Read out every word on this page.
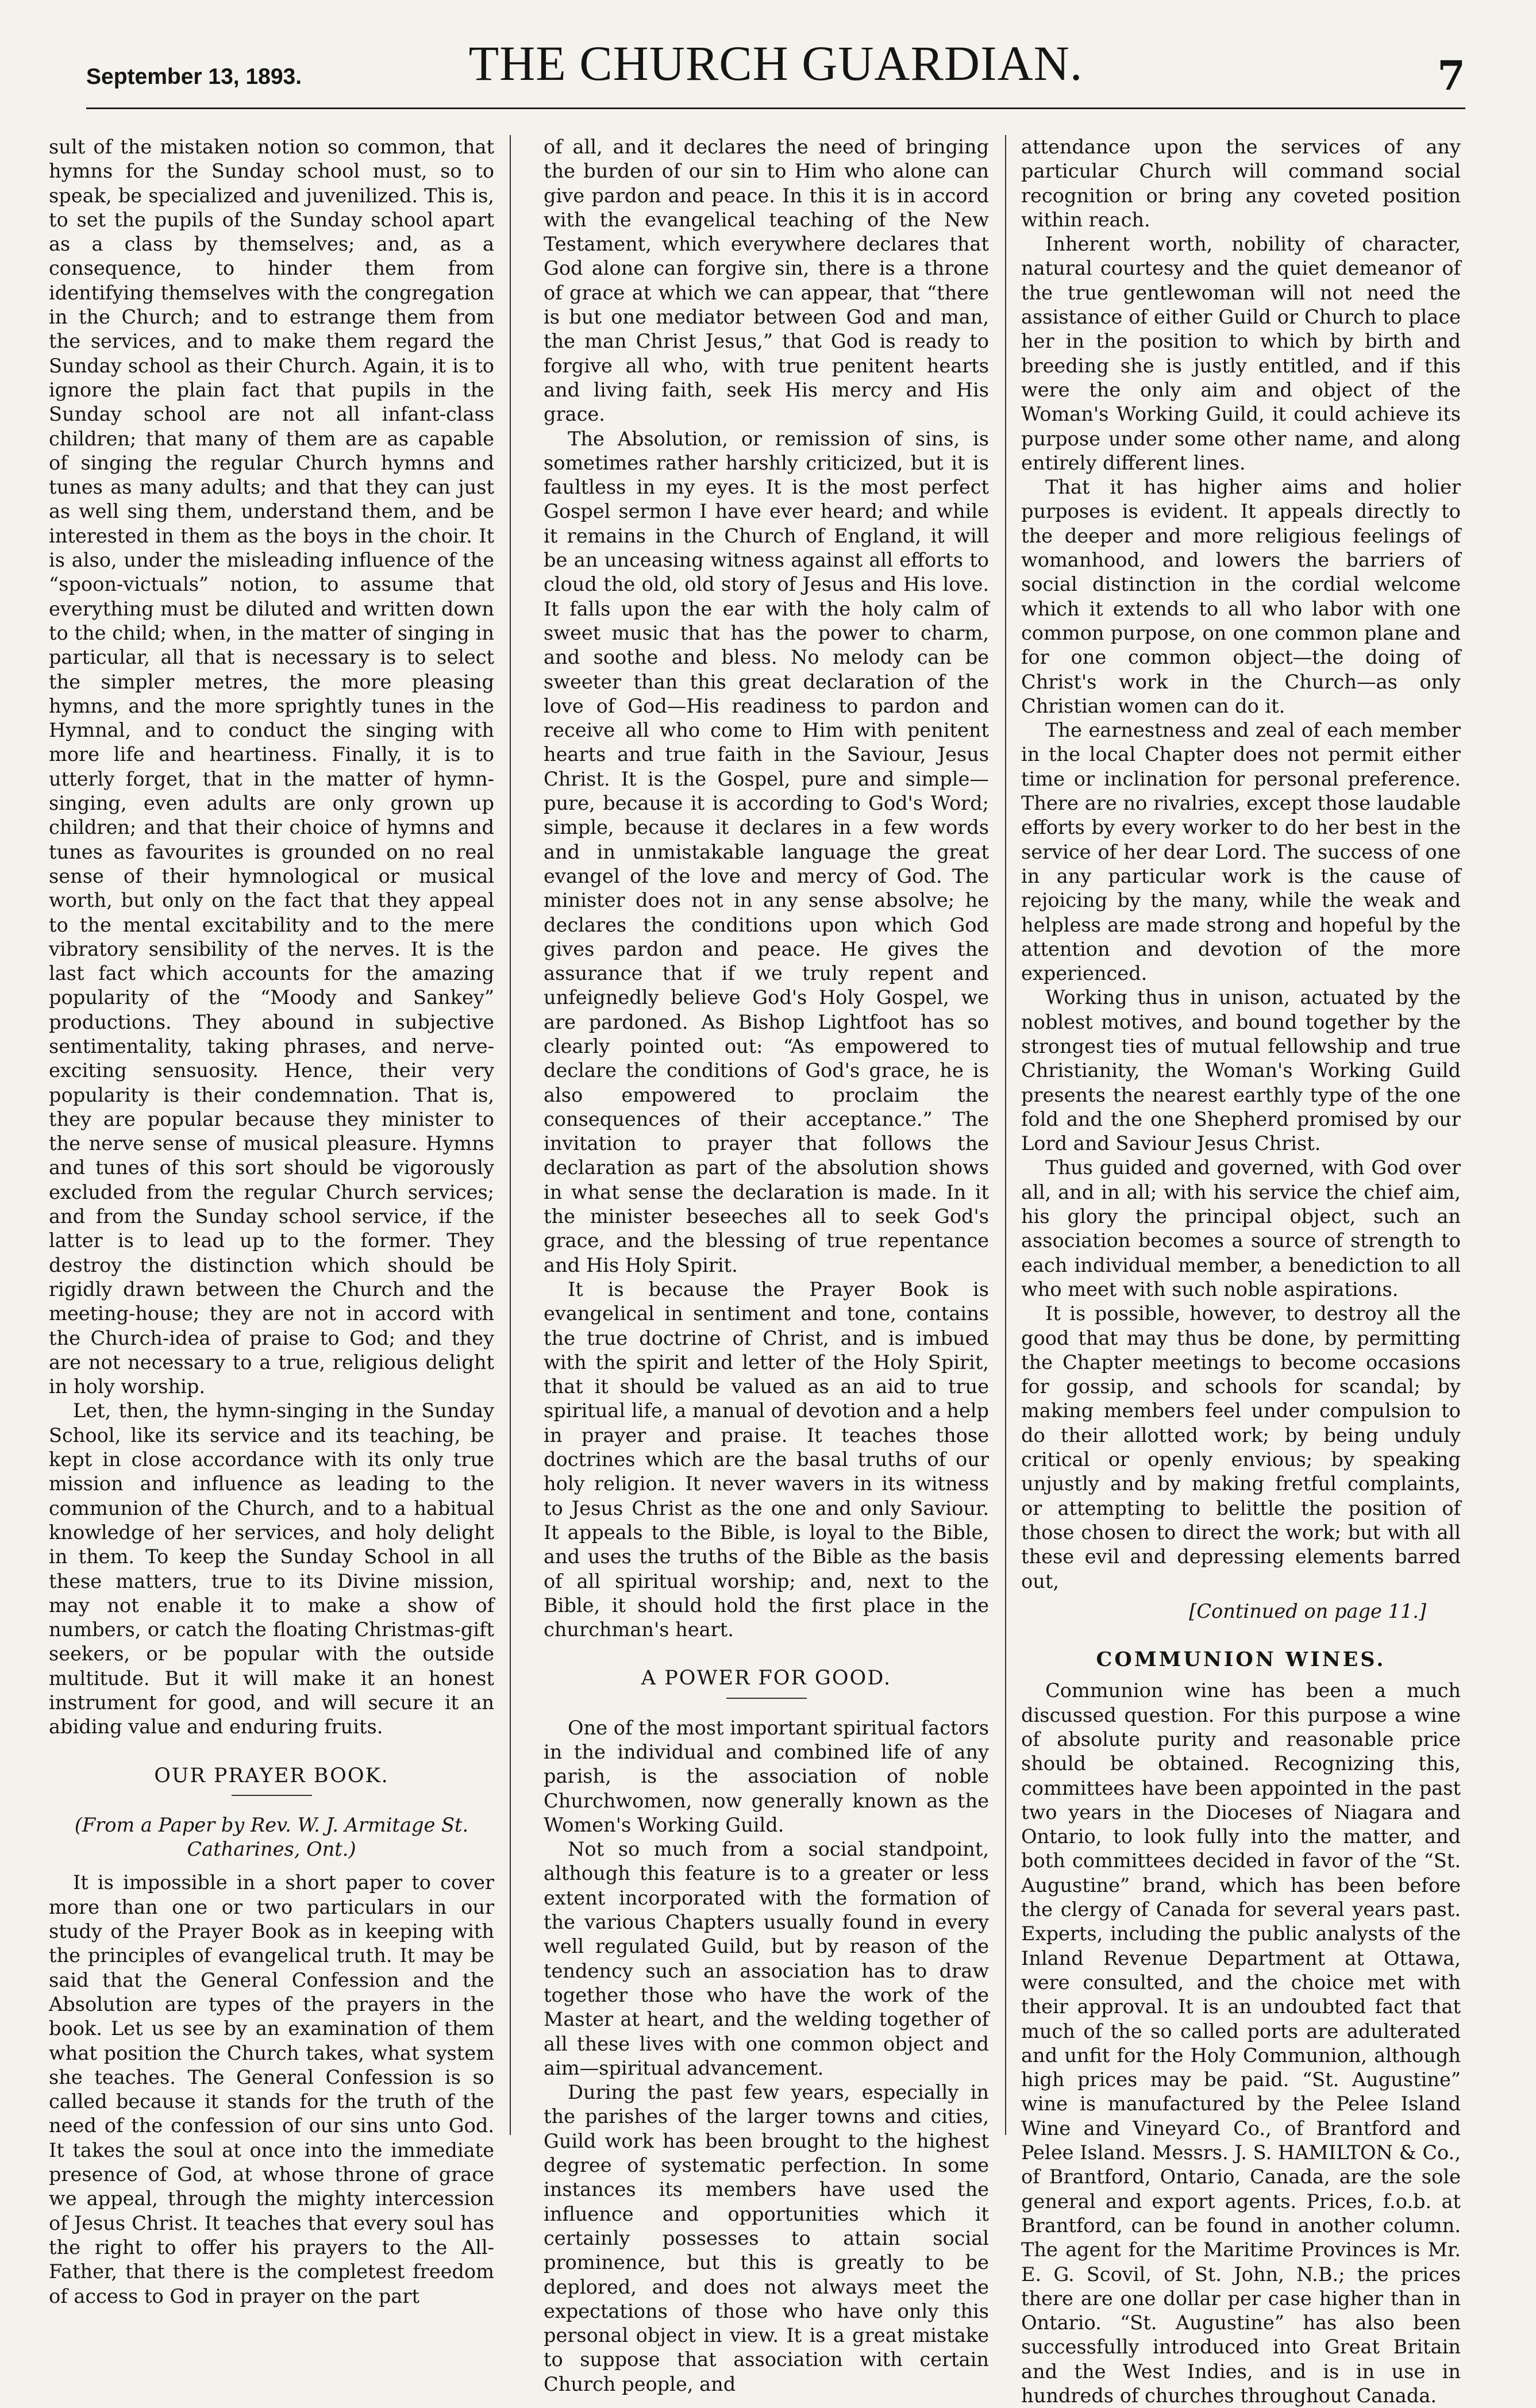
September 13, 1893.	THE CHURCH GUARDIAN.	7

sult of the mistaken notion so common, that hymns for the Sunday school must, so to speak, be specialized and juvenilized. This is, to set the pupils of the Sunday school apart as a class by themselves; and, as a consequence, to hinder them from identifying themselves with the congregation in the Church; and to estrange them from the services, and to make them regard the Sunday school as their Church. Again, it is to ignore the plain fact that pupils in the Sunday school are not all infant-class children; that many of them are as capable of singing the regular Church hymns and tunes as many adults; and that they can just as well sing them, understand them, and be interested in them as the boys in the choir. It is also, under the misleading influence of the “spoon-victuals” notion, to assume that everything must be diluted and written down to the child; when, in the matter of singing in particular, all that is necessary is to select the simpler metres, the more pleasing hymns, and the more sprightly tunes in the Hymnal, and to conduct the singing with more life and heartiness. Finally, it is to utterly forget, that in the matter of hymn-singing, even adults are only grown up children; and that their choice of hymns and tunes as favourites is grounded on no real sense of their hymnological or musical worth, but only on the fact that they appeal to the mental excitability and to the mere vibratory sensibility of the nerves. It is the last fact which accounts for the amazing popularity of the “Moody and Sankey” productions. They abound in subjective sentimentality, taking phrases, and nerve-exciting sensuosity. Hence, their very popularity is their condemnation. That is, they are popular because they minister to the nerve sense of musical pleasure. Hymns and tunes of this sort should be vigorously excluded from the regular Church services; and from the Sunday school service, if the latter is to lead up to the former. They destroy the distinction which should be rigidly drawn between the Church and the meeting-house; they are not in accord with the Church-idea of praise to God; and they are not necessary to a true, religious delight in holy worship.

Let, then, the hymn-singing in the Sunday School, like its service and its teaching, be kept in close accordance with its only true mission and influence as leading to the communion of the Church, and to a habitual knowledge of her services, and holy delight in them. To keep the Sunday School in all these matters, true to its Divine mission, may not enable it to make a show of numbers, or catch the floating Christmas-gift seekers, or be popular with the outside multitude. But it will make it an honest instrument for good, and will secure it an abiding value and enduring fruits.

OUR PRAYER BOOK.
(From a Paper by Rev. W. J. Armitage St. Catharines, Ont.)

It is impossible in a short paper to cover more than one or two particulars in our study of the Prayer Book as in keeping with the principles of evangelical truth. It may be said that the General Confession and the Absolution are types of the prayers in the book. Let us see by an examination of them what position the Church takes, what system she teaches. The General Confession is so called because it stands for the truth of the need of the confession of our sins unto God. It takes the soul at once into the immediate presence of God, at whose throne of grace we appeal, through the mighty intercession of Jesus Christ. It teaches that every soul has the right to offer his prayers to the All-Father, that there is the completest freedom of access to God in prayer on the part

of all, and it declares the need of bringing the burden of our sin to Him who alone can give pardon and peace. In this it is in accord with the evangelical teaching of the New Testament, which everywhere declares that God alone can forgive sin, there is a throne of grace at which we can appear, that “there is but one mediator between God and man, the man Christ Jesus,” that God is ready to forgive all who, with true penitent hearts and living faith, seek His mercy and His grace.

The Absolution, or remission of sins, is sometimes rather harshly criticized, but it is faultless in my eyes. It is the most perfect Gospel sermon I have ever heard; and while it remains in the Church of England, it will be an unceasing witness against all efforts to cloud the old, old story of Jesus and His love. It falls upon the ear with the holy calm of sweet music that has the power to charm, and soothe and bless. No melody can be sweeter than this great declaration of the love of God—His readiness to pardon and receive all who come to Him with penitent hearts and true faith in the Saviour, Jesus Christ. It is the Gospel, pure and simple—pure, because it is according to God's Word; simple, because it declares in a few words and in unmistakable language the great evangel of the love and mercy of God. The minister does not in any sense absolve; he declares the conditions upon which God gives pardon and peace. He gives the assurance that if we truly repent and unfeignedly believe God's Holy Gospel, we are pardoned. As Bishop Lightfoot has so clearly pointed out: “As empowered to declare the conditions of God's grace, he is also empowered to proclaim the consequences of their acceptance.” The invitation to prayer that follows the declaration as part of the absolution shows in what sense the declaration is made. In it the minister beseeches all to seek God's grace, and the blessing of true repentance and His Holy Spirit.

It is because the Prayer Book is evangelical in sentiment and tone, contains the true doctrine of Christ, and is imbued with the spirit and letter of the Holy Spirit, that it should be valued as an aid to true spiritual life, a manual of devotion and a help in prayer and praise. It teaches those doctrines which are the basal truths of our holy religion. It never wavers in its witness to Jesus Christ as the one and only Saviour. It appeals to the Bible, is loyal to the Bible, and uses the truths of the Bible as the basis of all spiritual worship; and, next to the Bible, it should hold the first place in the churchman's heart.

A POWER FOR GOOD.

One of the most important spiritual factors in the individual and combined life of any parish, is the association of noble Churchwomen, now generally known as the Women's Working Guild.

Not so much from a social standpoint, although this feature is to a greater or less extent incorporated with the formation of the various Chapters usually found in every well regulated Guild, but by reason of the tendency such an association has to draw together those who have the work of the Master at heart, and the welding together of all these lives with one common object and aim—spiritual advancement.

During the past few years, especially in the parishes of the larger towns and cities, Guild work has been brought to the highest degree of systematic perfection. In some instances its members have used the influence and opportunities which it certainly possesses to attain social prominence, but this is greatly to be deplored, and does not always meet the expectations of those who have only this personal object in view. It is a great mistake to suppose that association with certain Church people, and

attendance upon the services of any particular Church will command social recognition or bring any coveted position within reach.

Inherent worth, nobility of character, natural courtesy and the quiet demeanor of the true gentlewoman will not need the assistance of either Guild or Church to place her in the position to which by birth and breeding she is justly entitled, and if this were the only aim and object of the Woman's Working Guild, it could achieve its purpose under some other name, and along entirely different lines.

That it has higher aims and holier purposes is evident. It appeals directly to the deeper and more religious feelings of womanhood, and lowers the barriers of social distinction in the cordial welcome which it extends to all who labor with one common purpose, on one common plane and for one common object—the doing of Christ's work in the Church—as only Christian women can do it.

The earnestness and zeal of each member in the local Chapter does not permit either time or inclination for personal preference. There are no rivalries, except those laudable efforts by every worker to do her best in the service of her dear Lord. The success of one in any particular work is the cause of rejoicing by the many, while the weak and helpless are made strong and hopeful by the attention and devotion of the more experienced.

Working thus in unison, actuated by the noblest motives, and bound together by the strongest ties of mutual fellowship and true Christianity, the Woman's Working Guild presents the nearest earthly type of the one fold and the one Shepherd promised by our Lord and Saviour Jesus Christ.

Thus guided and governed, with God over all, and in all; with his service the chief aim, his glory the principal object, such an association becomes a source of strength to each individual member, a benediction to all who meet with such noble aspirations.

It is possible, however, to destroy all the good that may thus be done, by permitting the Chapter meetings to become occasions for gossip, and schools for scandal; by making members feel under compulsion to do their allotted work; by being unduly critical or openly envious; by speaking unjustly and by making fretful complaints, or attempting to belittle the position of those chosen to direct the work; but with all these evil and depressing elements barred out,

[Continued on page 11.]
COMMUNION WINES.

Communion wine has been a much discussed question. For this purpose a wine of absolute purity and reasonable price should be obtained. Recognizing this, committees have been appointed in the past two years in the Dioceses of Niagara and Ontario, to look fully into the matter, and both committees decided in favor of the “St. Augustine” brand, which has been before the clergy of Canada for several years past. Experts, including the public analysts of the Inland Revenue Department at Ottawa, were consulted, and the choice met with their approval. It is an undoubted fact that much of the so called ports are adulterated and unfit for the Holy Communion, although high prices may be paid. “St. Augustine” wine is manufactured by the Pelee Island Wine and Vineyard Co., of Brantford and Pelee Island. Messrs. J. S. HAMILTON & Co., of Brantford, Ontario, Canada, are the sole general and export agents. Prices, f.o.b. at Brantford, can be found in another column. The agent for the Maritime Provinces is Mr. E. G. Scovil, of St. John, N.B.; the prices there are one dollar per case higher than in Ontario. “St. Augustine” has also been successfully introduced into Great Britain and the West Indies, and is in use in hundreds of churches throughout Canada.
